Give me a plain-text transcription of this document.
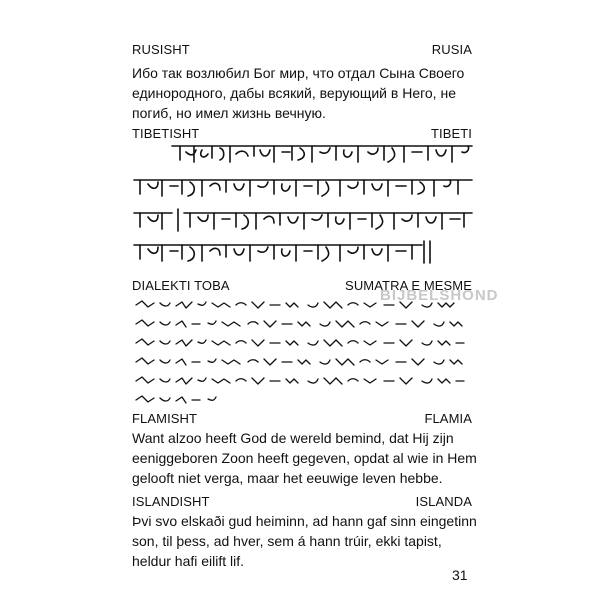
RUSISHT	RUSIA
Ибо так возлюбил Бог мир, что отдал Сына Своего
единородного, дабы всякий, верующий в Него, не
погиб, но имел жизнь вечную.
TIBETISHT	TIBETI
DIALEKTI TOBA	SUMATRA E MESME
BIJBELSHOND
FLAMISHT	FLAMIA
Want alzoo heeft God de wereld bemind, dat Hij zijn
eeniggeboren Zoon heeft gegeven, opdat al wie in Hem
gelooft niet verga, maar het eeuwige leven hebbe.
ISLANDISHT	ISLANDA
Þvi svo elskaði gud heiminn, ad hann gaf sinn eingetinn
son, til þess, ad hver, sem á hann trúir, ekki tapist,
heldur hafi eilift lif.
31
